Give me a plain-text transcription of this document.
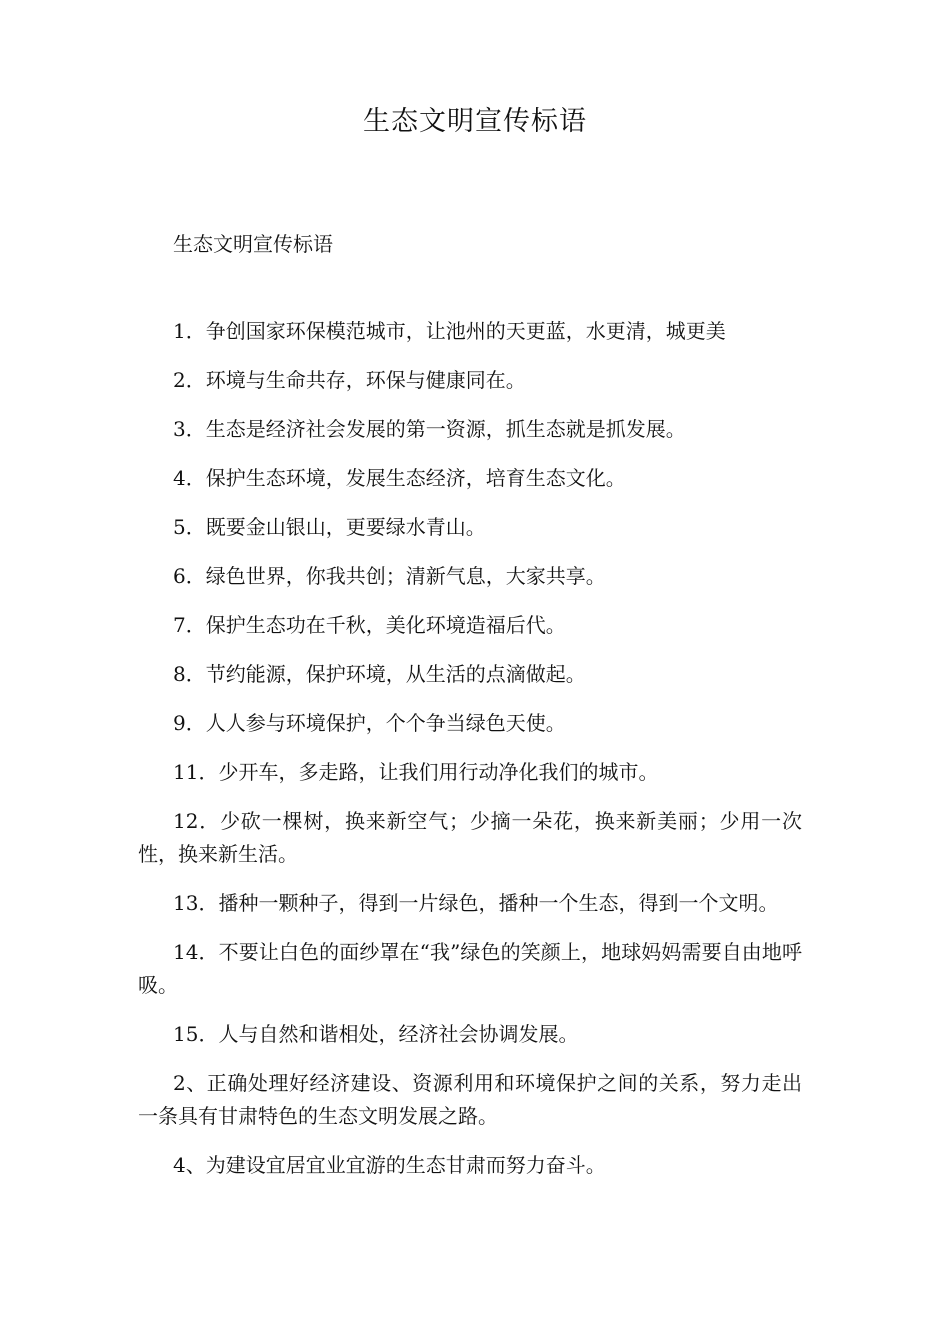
生态文明宣传标语
生态文明宣传标语

1．争创国家环保模范城市，让池州的天更蓝，水更清，城更美

2．环境与生命共存，环保与健康同在。

3．生态是经济社会发展的第一资源，抓生态就是抓发展。

4．保护生态环境，发展生态经济，培育生态文化。

5．既要金山银山，更要绿水青山。

6．绿色世界，你我共创；清新气息，大家共享。

7．保护生态功在千秋，美化环境造福后代。

8．节约能源，保护环境，从生活的点滴做起。

9．人人参与环境保护，个个争当绿色天使。

11．少开车，多走路，让我们用行动净化我们的城市。

12．少砍一棵树，换来新空气；少摘一朵花，换来新美丽；少用一次性，换来新生活。

13．播种一颗种子，得到一片绿色，播种一个生态，得到一个文明。

14．不要让白色的面纱罩在“我”绿色的笑颜上，地球妈妈需要自由地呼吸。

15．人与自然和谐相处，经济社会协调发展。

2、正确处理好经济建设、资源利用和环境保护之间的关系，努力走出一条具有甘肃特色的生态文明发展之路。

4、为建设宜居宜业宜游的生态甘肃而努力奋斗。
